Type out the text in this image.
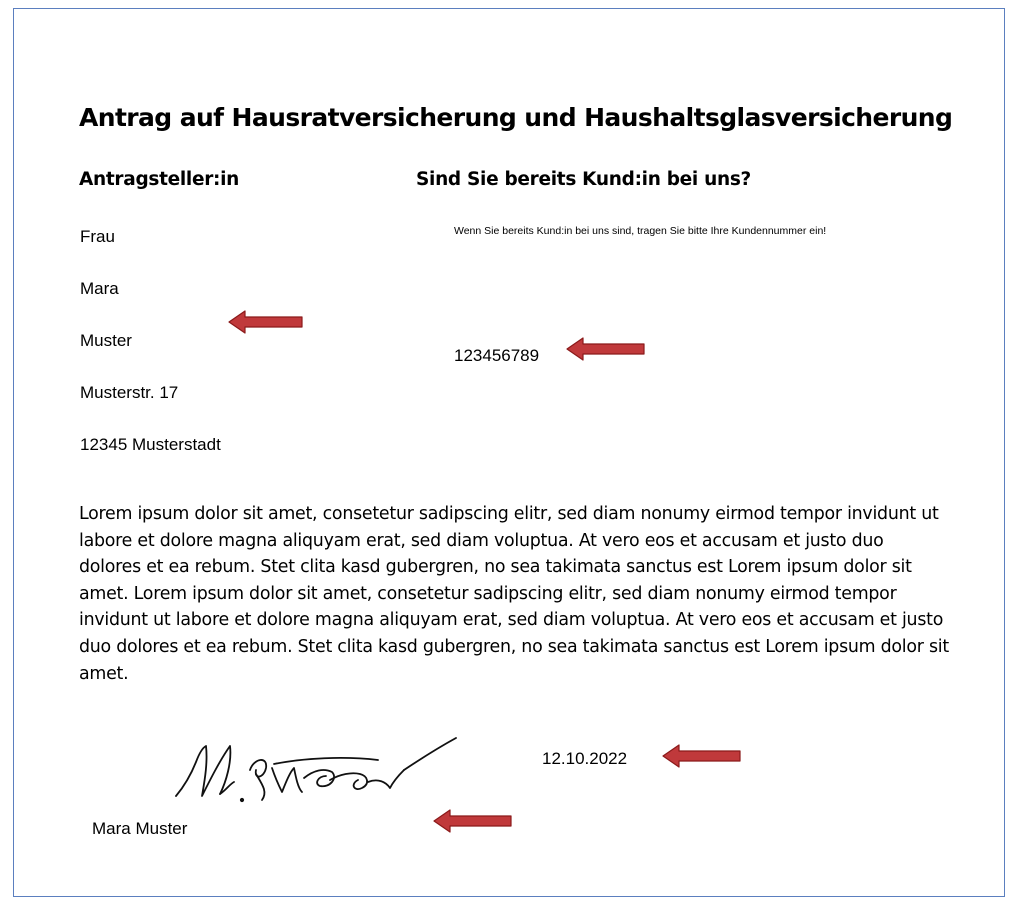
Antrag auf Hausratversicherung und Haushaltsglasversicherung
Antragsteller:in	Sind Sie bereits Kund:in bei uns?
Frau
Mara
Muster
Musterstr. 17
12345 Musterstadt
Wenn Sie bereits Kund:in bei uns sind, tragen Sie bitte Ihre Kundennummer ein!
123456789
Lorem ipsum dolor sit amet, consetetur sadipscing elitr, sed diam nonumy eirmod tempor invidunt ut labore et dolore magna aliquyam erat, sed diam voluptua. At vero eos et accusam et justo duo dolores et ea rebum. Stet clita kasd gubergren, no sea takimata sanctus est Lorem ipsum dolor sit amet. Lorem ipsum dolor sit amet, consetetur sadipscing elitr, sed diam nonumy eirmod tempor invidunt ut labore et dolore magna aliquyam erat, sed diam voluptua. At vero eos et accusam et justo duo dolores et ea rebum. Stet clita kasd gubergren, no sea takimata sanctus est Lorem ipsum dolor sit amet.
12.10.2022
Mara Muster
